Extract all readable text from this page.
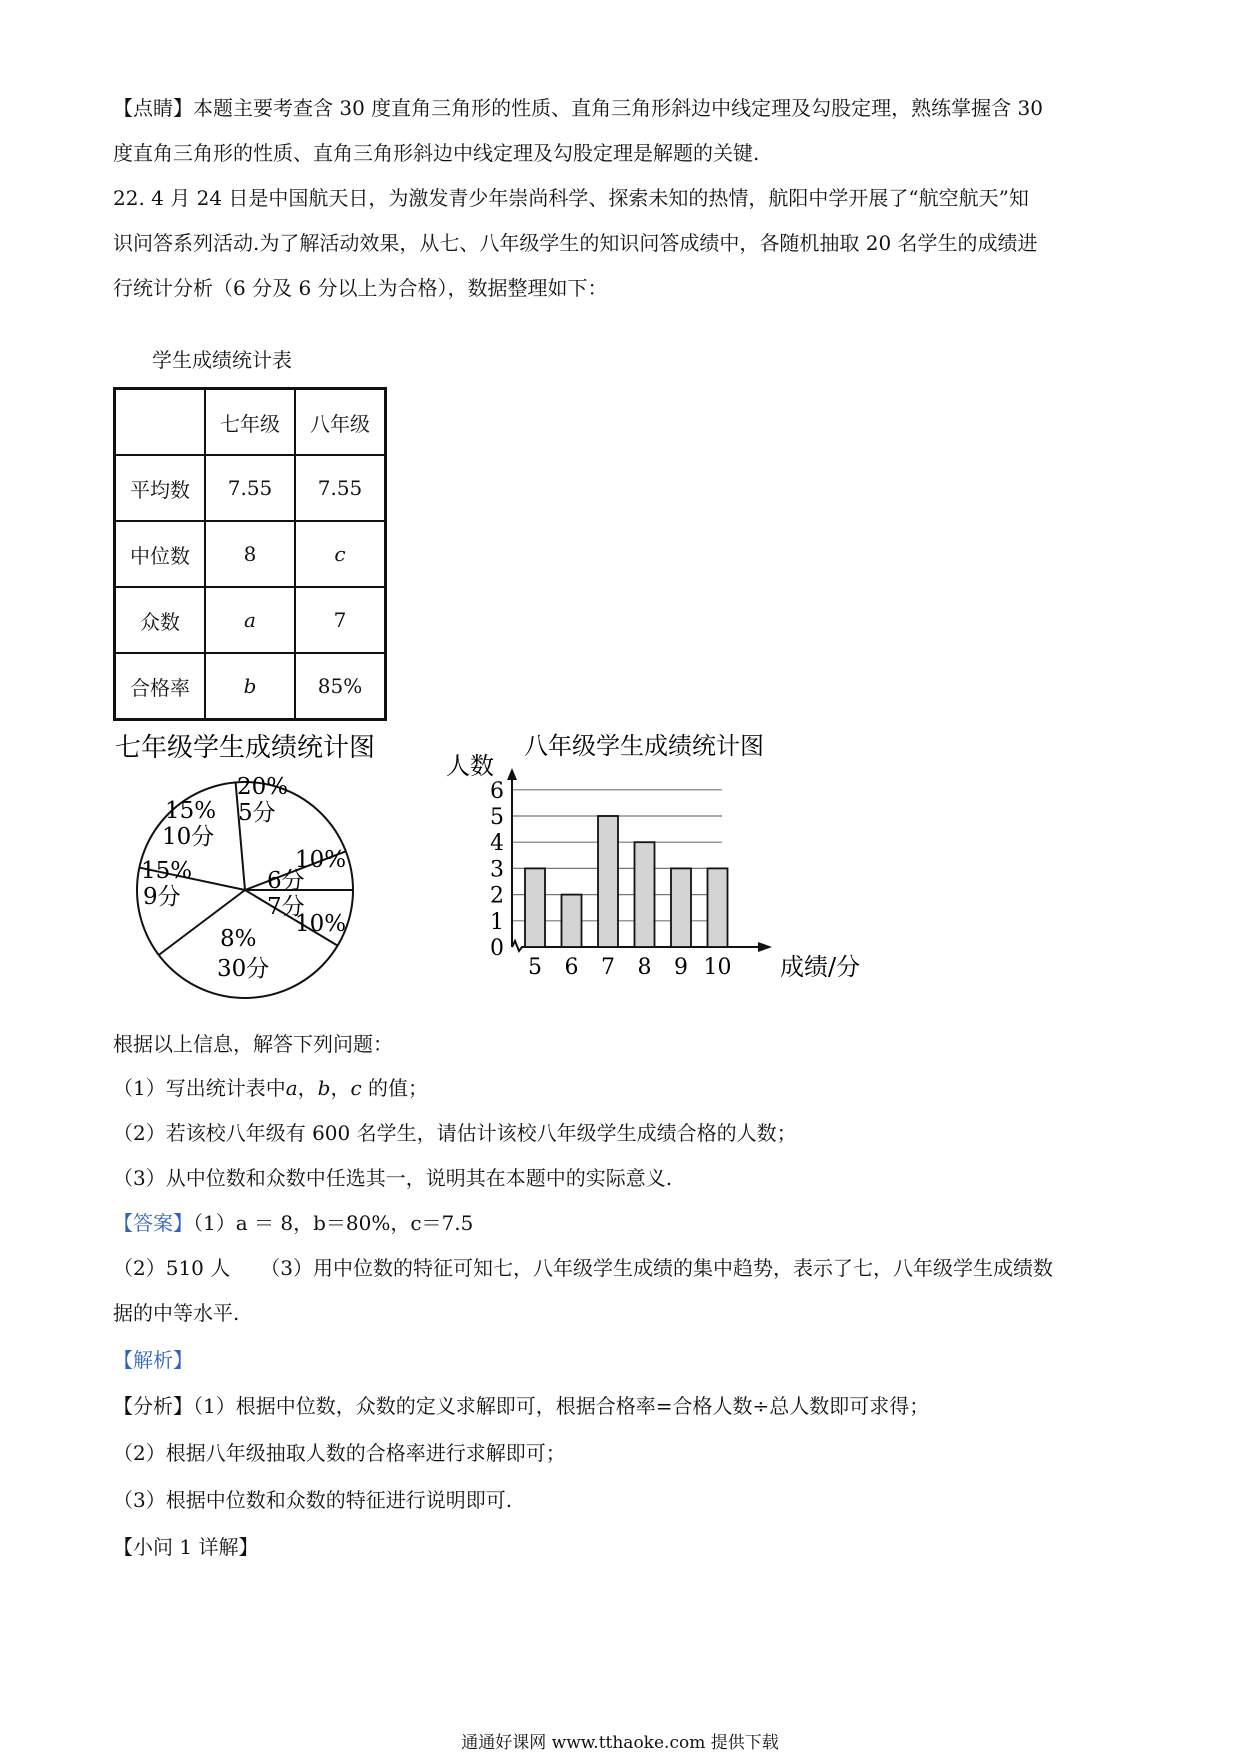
【点睛】本题主要考查含 30 度直角三角形的性质、直角三角形斜边中线定理及勾股定理，熟练掌握含 30
度直角三角形的性质、直角三角形斜边中线定理及勾股定理是解题的关键.
22. 4 月 24 日是中国航天日，为激发青少年崇尚科学、探索未知的热情，航阳中学开展了“航空航天”知
识问答系列活动.为了解活动效果，从七、八年级学生的知识问答成绩中，各随机抽取 20 名学生的成绩进
行统计分析（6 分及 6 分以上为合格），数据整理如下：
学生成绩统计表
	七年级	八年级
平均数	7.55	7.55
中位数	8	c
众数	a	7
合格率	b	85%
七年级学生成绩统计图
20%
5分
10%
6分
7分
10%
8%
30分
15%
9分
15%
10分
八年级学生成绩统计图
人数
成绩/分
0
1
2
3
4
5
6
5 6 7 8 9 10
根据以上信息，解答下列问题：
（1）写出统计表中a，b，c 的值；
（2）若该校八年级有 600 名学生，请估计该校八年级学生成绩合格的人数；
（3）从中位数和众数中任选其一，说明其在本题中的实际意义.
【答案】（1）a ＝ 8，b＝80%，c＝7.5
（2）510 人　　（3）用中位数的特征可知七，八年级学生成绩的集中趋势，表示了七，八年级学生成绩数
据的中等水平.
【解析】
【分析】（1）根据中位数，众数的定义求解即可，根据合格率=合格人数÷总人数即可求得；
（2）根据八年级抽取人数的合格率进行求解即可；
（3）根据中位数和众数的特征进行说明即可.
【小问 1 详解】
通通好课网 www.tthaoke.com 提供下载
